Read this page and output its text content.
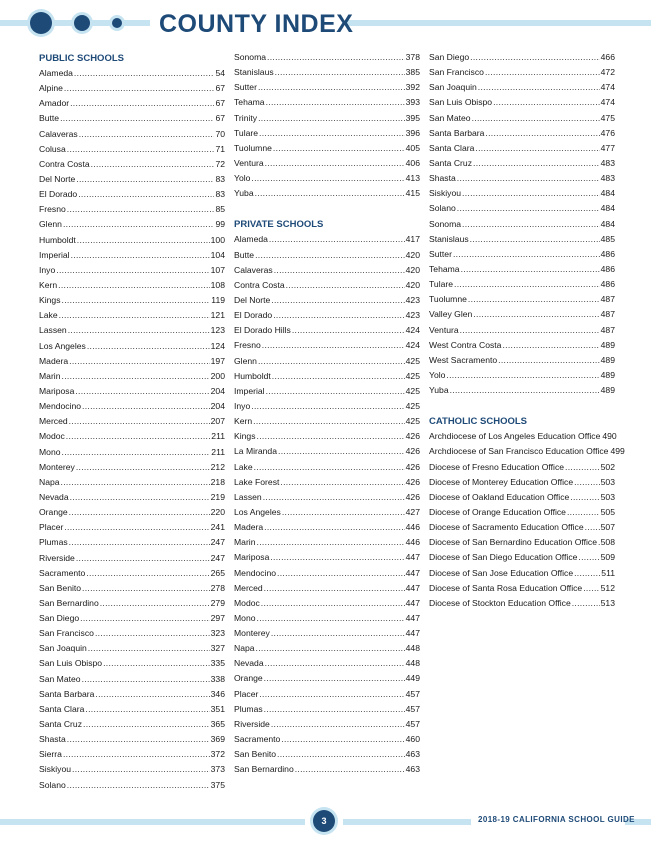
COUNTY INDEX
PUBLIC SCHOOLS
Alameda .....	54
Alpine .....	67
Amador .....	67
Butte .....	67
Calaveras .....	70
Colusa .....	71
Contra Costa .....	72
Del Norte .....	83
El Dorado .....	83
Fresno .....	85
Glenn .....	99
Humboldt .....	100
Imperial .....	104
Inyo .....	107
Kern .....	108
Kings .....	119
Lake .....	121
Lassen .....	123
Los Angeles .....	124
Madera .....	197
Marin .....	200
Mariposa .....	204
Mendocino .....	204
Merced .....	207
Modoc .....	211
Mono .....	211
Monterey .....	212
Napa .....	218
Nevada .....	219
Orange .....	220
Placer .....	241
Plumas .....	247
Riverside .....	247
Sacramento .....	265
San Benito .....	278
San Bernardino .....	279
San Diego .....	297
San Francisco .....	323
San Joaquin .....	327
San Luis Obispo .....	335
San Mateo .....	338
Santa Barbara .....	346
Santa Clara .....	351
Santa Cruz .....	365
Shasta .....	369
Sierra .....	372
Siskiyou .....	373
Solano .....	375
Sonoma .....	378
Stanislaus .....	385
Sutter .....	392
Tehama .....	393
Trinity .....	395
Tulare .....	396
Tuolumne .....	405
Ventura .....	406
Yolo .....	413
Yuba .....	415
PRIVATE SCHOOLS
Alameda .....	417
Butte .....	420
Calaveras .....	420
Contra Costa .....	420
Del Norte .....	423
El Dorado .....	423
El Dorado Hills .....	424
Fresno .....	424
Glenn .....	425
Humboldt .....	425
Imperial .....	425
Inyo .....	425
Kern .....	425
Kings .....	426
La Miranda .....	426
Lake .....	426
Lake Forest .....	426
Lassen .....	426
Los Angeles .....	427
Madera .....	446
Marin .....	446
Mariposa .....	447
Mendocino .....	447
Merced .....	447
Modoc .....	447
Mono .....	447
Monterey .....	447
Napa .....	448
Nevada .....	448
Orange .....	449
Placer .....	457
Plumas .....	457
Riverside .....	457
Sacramento .....	460
San Benito .....	463
San Bernardino .....	463
San Diego .....	466
San Francisco .....	472
San Joaquin .....	474
San Luis Obispo .....	474
San Mateo .....	475
Santa Barbara .....	476
Santa Clara .....	477
Santa Cruz .....	483
Shasta .....	483
Siskiyou .....	484
Solano .....	484
Sonoma .....	484
Stanislaus .....	485
Sutter .....	486
Tehama .....	486
Tulare .....	486
Tuolumne .....	487
Valley Glen .....	487
Ventura .....	487
West Contra Costa .....	489
West Sacramento .....	489
Yolo .....	489
Yuba .....	489
CATHOLIC SCHOOLS
Archdiocese of Los Angeles Education Office 490
Archdiocese of San Francisco Education Office 499
Diocese of Fresno Education Office .....	502
Diocese of Monterey Education Office .....	503
Diocese of Oakland Education Office .....	503
Diocese of Orange Education Office .....	505
Diocese of Sacramento Education Office ..... 507
Diocese of San Bernardino Education Office ..... 508
Diocese of San Diego Education Office .....	509
Diocese of San Jose Education Office .....	511
Diocese of Santa Rosa Education Office ..... 512
Diocese of Stockton Education Office .....	513
3	2018-19 CALIFORNIA SCHOOL GUIDE
